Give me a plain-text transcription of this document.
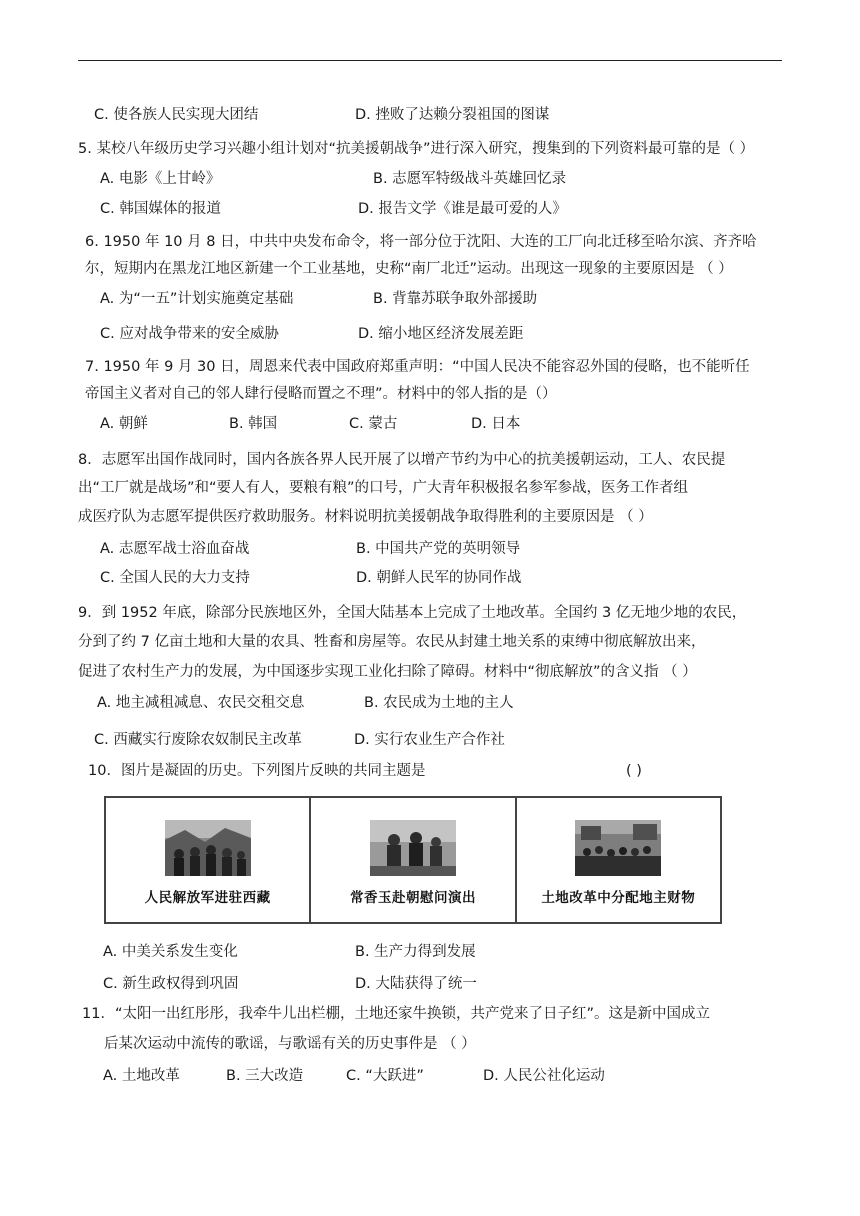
C. 使各族人民实现大团结	D. 挫败了达赖分裂祖国的图谋
5. 某校八年级历史学习兴趣小组计划对“抗美援朝战争”进行深入研究，搜集到的下列资料最可靠的是（ ）
A. 电影《上甘岭》	B. 志愿军特级战斗英雄回忆录
C. 韩国媒体的报道	D. 报告文学《谁是最可爱的人》
6. 1950 年 10 月 8 日，中共中央发布命令，将一部分位于沈阳、大连的工厂向北迁移至哈尔滨、齐齐哈
尔，短期内在黑龙江地区新建一个工业基地，史称“南厂北迁”运动。出现这一现象的主要原因是 （ ）
A. 为“一五”计划实施奠定基础	B. 背靠苏联争取外部援助
C. 应对战争带来的安全威胁	D. 缩小地区经济发展差距
7. 1950 年 9 月 30 日，周恩来代表中国政府郑重声明：“中国人民决不能容忍外国的侵略，也不能听任
帝国主义者对自己的邻人肆行侵略而置之不理”。材料中的邻人指的是（）
A. 朝鲜	B. 韩国	C. 蒙古	D. 日本
8．志愿军出国作战同时，国内各族各界人民开展了以增产节约为中心的抗美援朝运动，工人、农民提
出“工厂就是战场”和“要人有人，要粮有粮”的口号，广大青年积极报名参军参战，医务工作者组
成医疗队为志愿军提供医疗救助服务。材料说明抗美援朝战争取得胜利的主要原因是 （ ）
A. 志愿军战士浴血奋战	B. 中国共产党的英明领导
C. 全国人民的大力支持	D. 朝鲜人民军的协同作战
9．到 1952 年底，除部分民族地区外，全国大陆基本上完成了土地改革。全国约 3 亿无地少地的农民，
分到了约 7 亿亩土地和大量的农具、牲畜和房屋等。农民从封建土地关系的束缚中彻底解放出来，
促进了农村生产力的发展，为中国逐步实现工业化扫除了障碍。材料中“彻底解放”的含义指 （ ）
A. 地主减租减息、农民交租交息	B. 农民成为土地的主人
C. 西藏实行废除农奴制民主改革	D. 实行农业生产合作社
10．图片是凝固的历史。下列图片反映的共同主题是	( )
人民解放军进驻西藏	常香玉赴朝慰问演出	土地改革中分配地主财物
A. 中美关系发生变化	B. 生产力得到发展
C. 新生政权得到巩固	D. 大陆获得了统一
11．“太阳一出红彤彤，我牵牛儿出栏棚，土地还家牛换锁，共产党来了日子红”。这是新中国成立
后某次运动中流传的歌谣，与歌谣有关的历史事件是 （ ）
A. 土地改革	B. 三大改造	C. “大跃进”	D. 人民公社化运动
